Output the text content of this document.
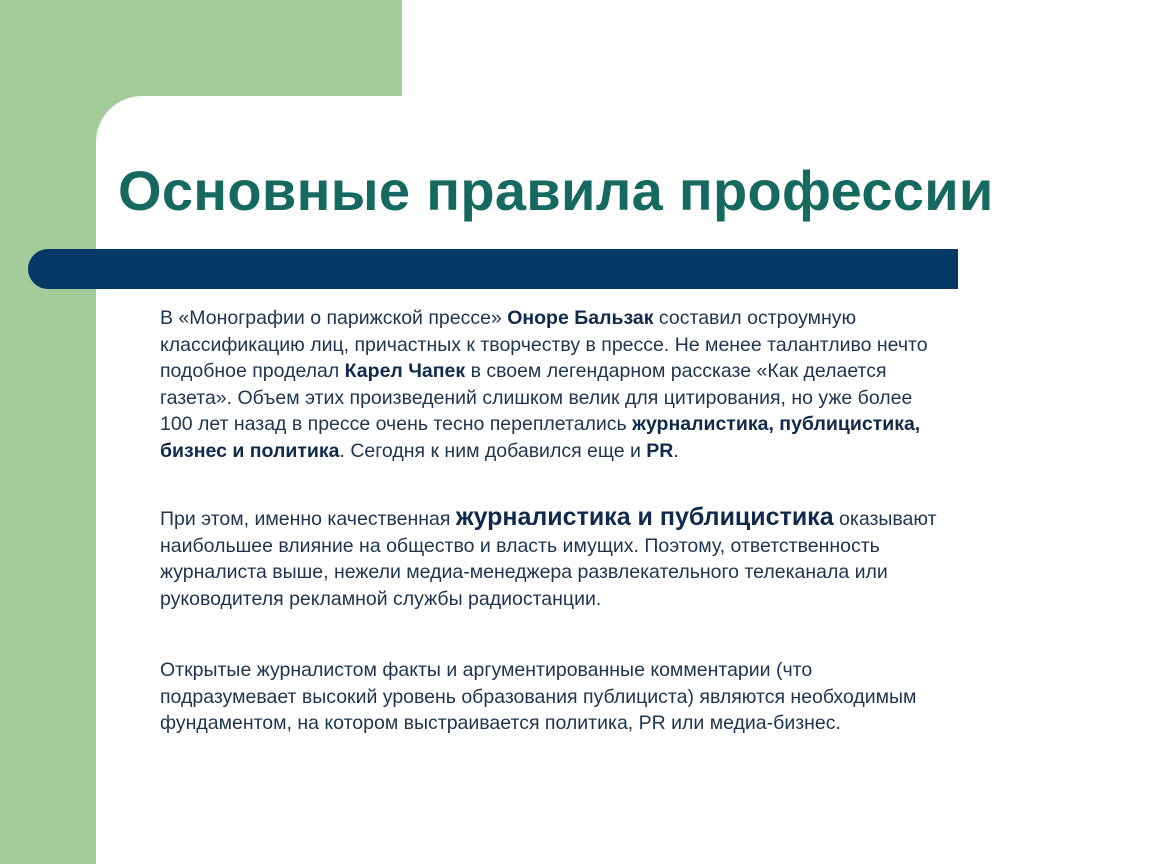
Основные правила профессии
В «Монографии о парижской прессе» Оноре Бальзак составил остроумную
классификацию лиц, причастных к творчеству в прессе. Не менее талантливо нечто
подобное проделал Карел Чапек в своем легендарном рассказе «Как делается
газета». Объем этих произведений слишком велик для цитирования, но уже более
100 лет назад в прессе очень тесно переплетались журналистика, публицистика,
бизнес и политика. Сегодня к ним добавился еще и PR.
При этом, именно качественная журналистика и публицистика оказывают
наибольшее влияние на общество и власть имущих. Поэтому, ответственность
журналиста выше, нежели медиа-менеджера развлекательного телеканала или
руководителя рекламной службы радиостанции.
Открытые журналистом факты и аргументированные комментарии (что
подразумевает высокий уровень образования публициста) являются необходимым
фундаментом, на котором выстраивается политика, PR или медиа-бизнес.
